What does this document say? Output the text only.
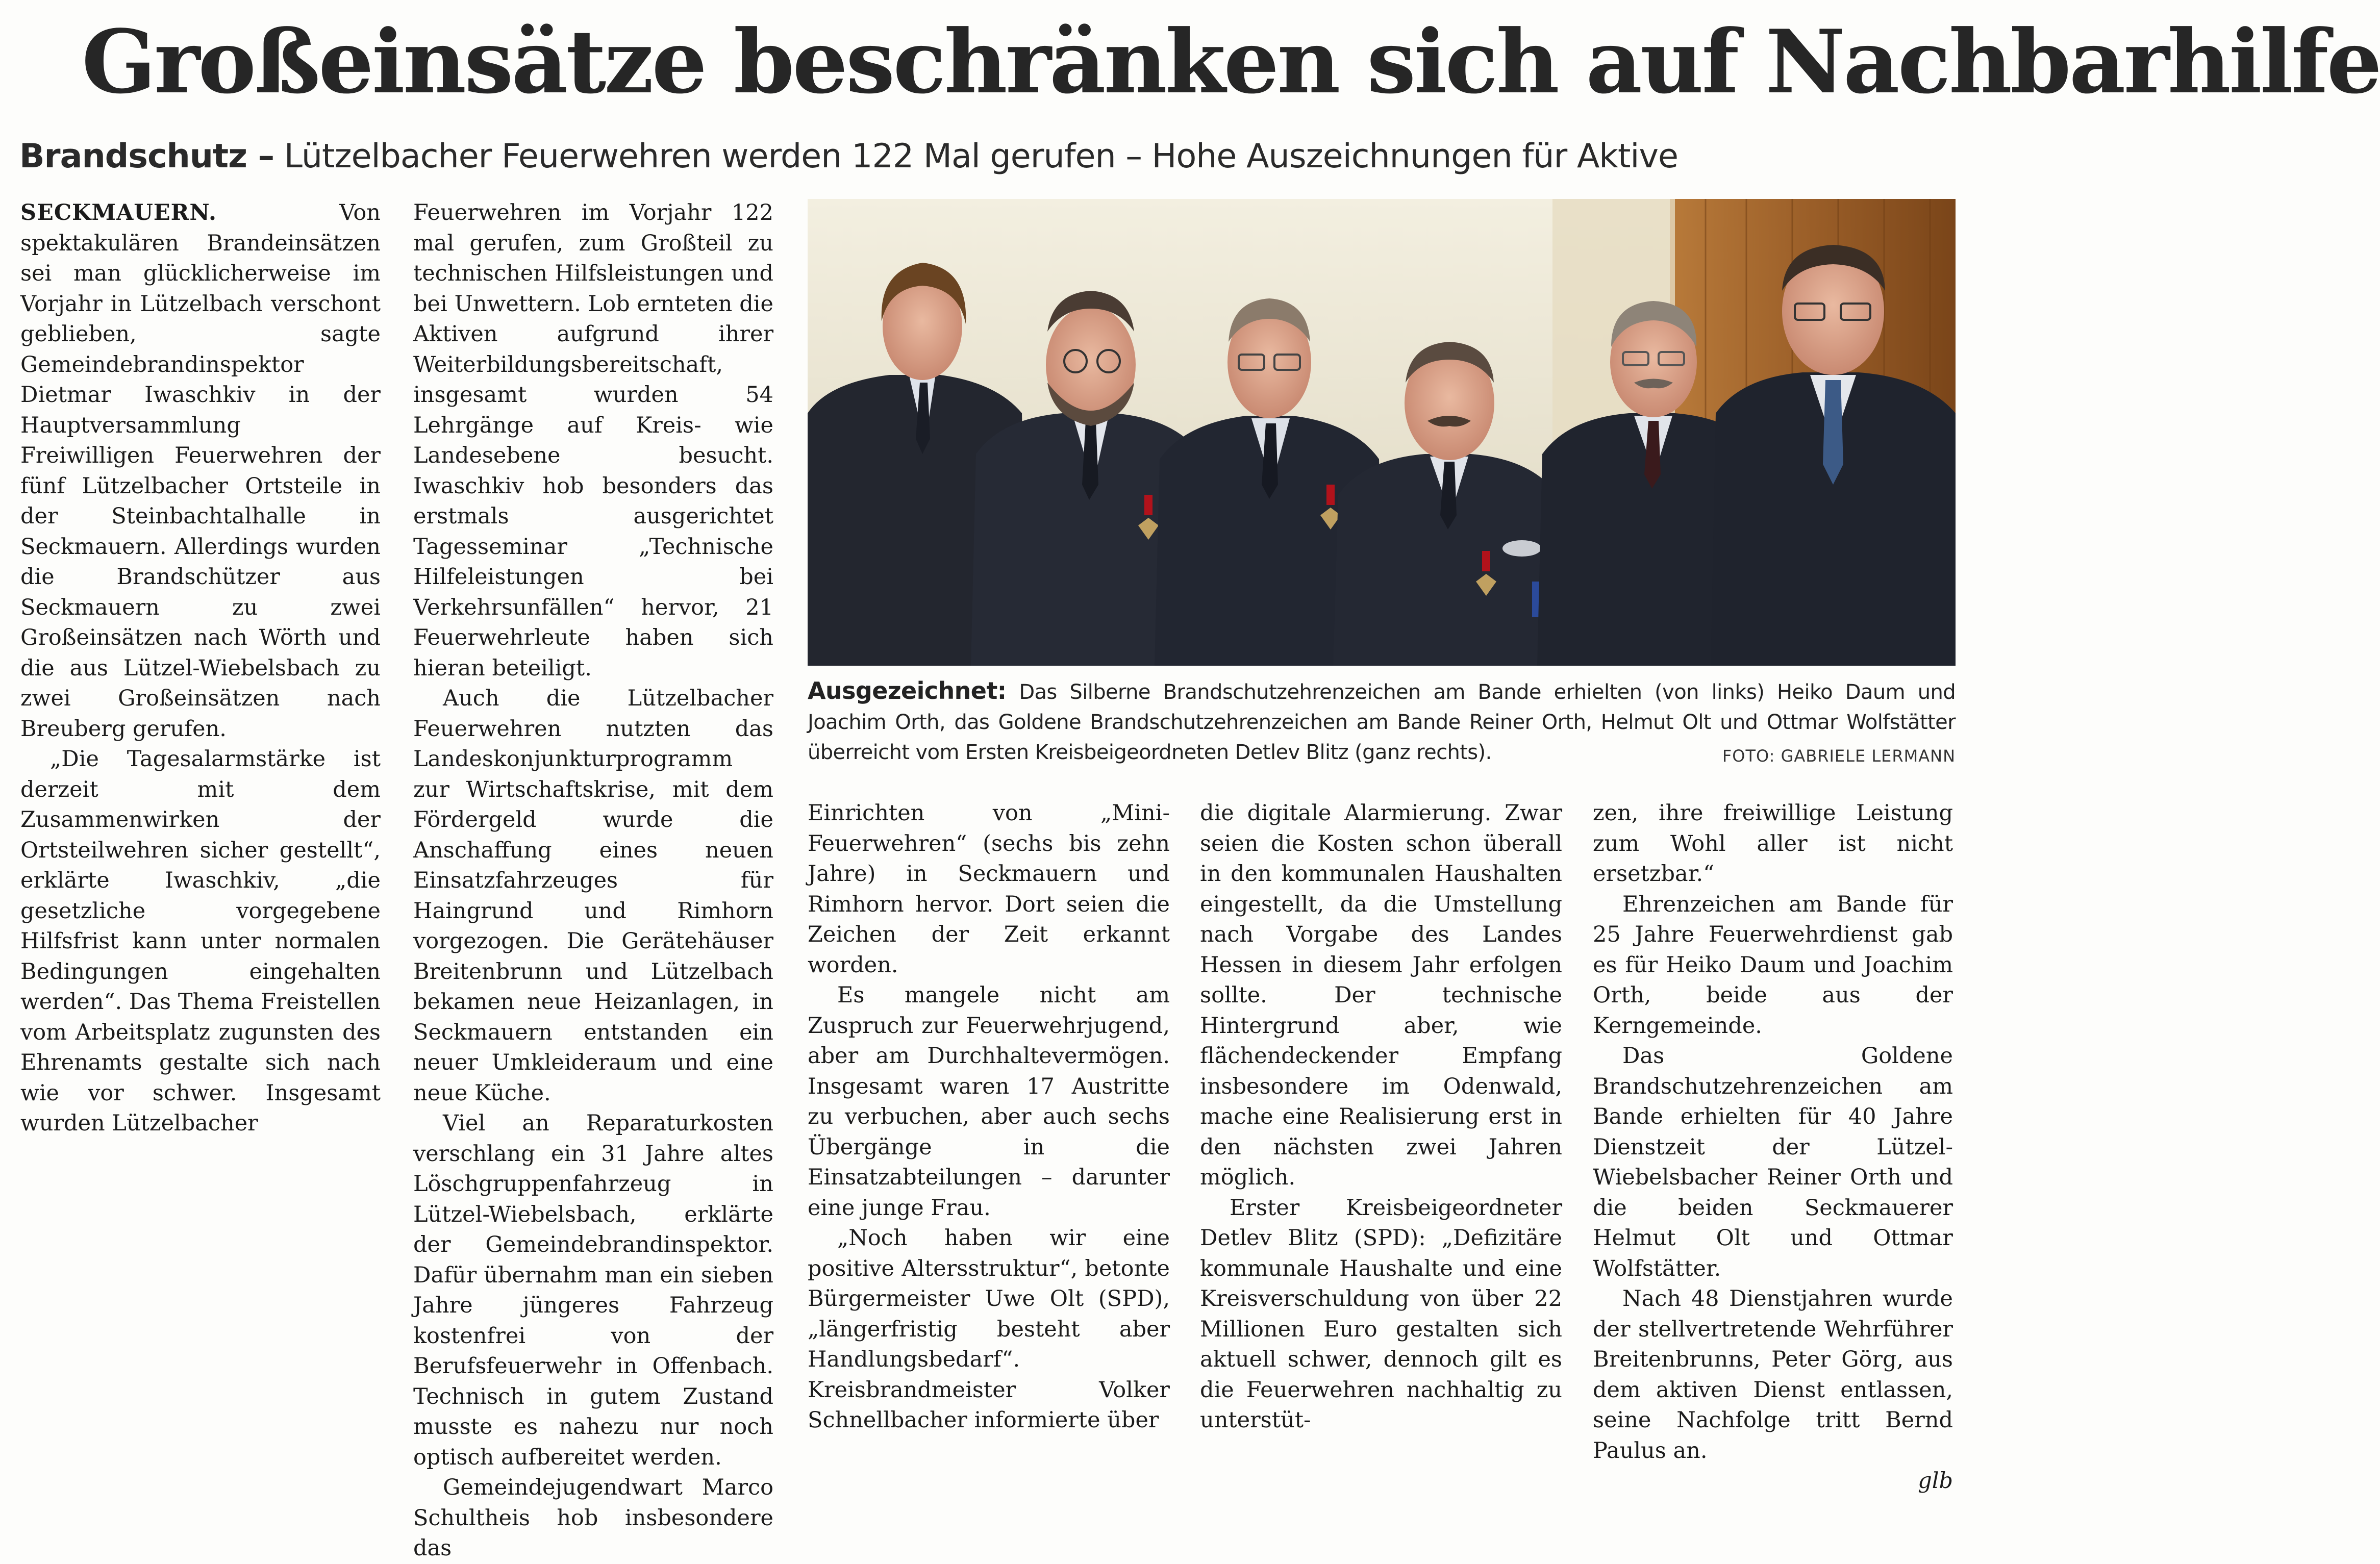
Großeinsätze beschränken sich auf Nachbarhilfe
Brandschutz – Lützelbacher Feuerwehren werden 122 Mal gerufen – Hohe Auszeichnungen für Aktive

SECKMAUERN.	Von spektakulären Brandeinsätzen sei man glücklicherweise im Vorjahr in Lützelbach verschont geblieben, sagte Gemeindebrandinspektor Dietmar Iwaschkiv in der Hauptversammlung Freiwilligen Feuerwehren der fünf Lützelbacher Ortsteile in der Steinbachtalhalle in Seckmauern. Allerdings wurden die Brandschützer aus Seckmauern zu zwei Großeinsätzen nach Wörth und die aus Lützel-Wiebelsbach zu zwei Großeinsätzen nach Breuberg gerufen.

„Die Tagesalarmstärke ist derzeit mit dem Zusammenwirken der Ortsteilwehren sicher gestellt“, erklärte Iwaschkiv, „die gesetzliche vorgegebene Hilfsfrist kann unter normalen Bedingungen eingehalten werden“. Das Thema Freistellen vom Arbeitsplatz zugunsten des Ehrenamts gestalte sich nach wie vor schwer. Insgesamt wurden Lützelbacher

Feuerwehren im Vorjahr 122 mal gerufen, zum Großteil zu technischen Hilfsleistungen und bei Unwettern. Lob ernteten die Aktiven aufgrund ihrer Weiterbildungsbereitschaft, insgesamt wurden 54 Lehrgänge auf Kreis- wie Landesebene besucht. Iwaschkiv hob besonders das erstmals ausgerichtet Tagesseminar „Technische Hilfeleistungen bei Verkehrsunfällen“ hervor, 21 Feuerwehrleute haben sich hieran beteiligt.

Auch die Lützelbacher Feuerwehren nutzten das Landeskonjunkturprogramm zur Wirtschaftskrise, mit dem Fördergeld wurde die Anschaffung eines neuen Einsatzfahrzeuges für Haingrund und Rimhorn vorgezogen. Die Gerätehäuser Breitenbrunn und Lützelbach bekamen neue Heizanlagen, in Seckmauern entstanden ein neuer Umkleideraum und eine neue Küche.

Viel an Reparaturkosten verschlang ein 31 Jahre altes Löschgruppenfahrzeug in Lützel-Wiebelsbach, erklärte der Gemeindebrandinspektor. Dafür übernahm man ein sieben Jahre jüngeres Fahrzeug kostenfrei von der Berufsfeuerwehr in Offenbach. Technisch in gutem Zustand musste es nahezu nur noch optisch aufbereitet werden.

Gemeindejugendwart Marco Schultheis hob insbesondere das

Ausgezeichnet: Das Silberne Brandschutzehrenzeichen am Bande erhielten (von links) Heiko Daum und Joachim Orth, das Goldene Brandschutzehrenzeichen am Bande Reiner Orth, Helmut Olt und Ottmar Wolfstätter überreicht vom Ersten Kreisbeigeordneten Detlev Blitz (ganz rechts).	FOTO: GABRIELE LERMANN

Einrichten von „Mini-Feuerwehren“ (sechs bis zehn Jahre) in Seckmauern und Rimhorn hervor. Dort seien die Zeichen der Zeit erkannt worden.

Es mangele nicht am Zuspruch zur Feuerwehrjugend, aber am Durchhaltevermögen. Insgesamt waren 17 Austritte zu verbuchen, aber auch sechs Übergänge in die Einsatzabteilungen – darunter eine junge Frau.

„Noch haben wir eine positive Altersstruktur“, betonte Bürgermeister Uwe Olt (SPD), „längerfristig besteht aber Handlungsbedarf“. Kreisbrandmeister Volker Schnellbacher informierte über

die digitale Alarmierung. Zwar seien die Kosten schon überall in den kommunalen Haushalten eingestellt, da die Umstellung nach Vorgabe des Landes Hessen in diesem Jahr erfolgen sollte. Der technische Hintergrund aber, wie flächendeckender Empfang insbesondere im Odenwald, mache eine Realisierung erst in den nächsten zwei Jahren möglich.

Erster Kreisbeigeordneter Detlev Blitz (SPD): „Defizitäre kommunale Haushalte und eine Kreisverschuldung von über 22 Millionen Euro gestalten sich aktuell schwer, dennoch gilt es die Feuerwehren nachhaltig zu unterstüt-

zen, ihre freiwillige Leistung zum Wohl aller ist nicht ersetzbar.“

Ehrenzeichen am Bande für 25 Jahre Feuerwehrdienst gab es für Heiko Daum und Joachim Orth, beide aus der Kerngemeinde.

Das Goldene Brandschutzehrenzeichen am Bande erhielten für 40 Jahre Dienstzeit der Lützel-Wiebelsbacher Reiner Orth und die beiden Seckmauerer Helmut Olt und Ottmar Wolfstätter.

Nach 48 Dienstjahren wurde der stellvertretende Wehrführer Breitenbrunns, Peter Görg, aus dem aktiven Dienst entlassen, seine Nachfolge tritt Bernd Paulus an.

glb
